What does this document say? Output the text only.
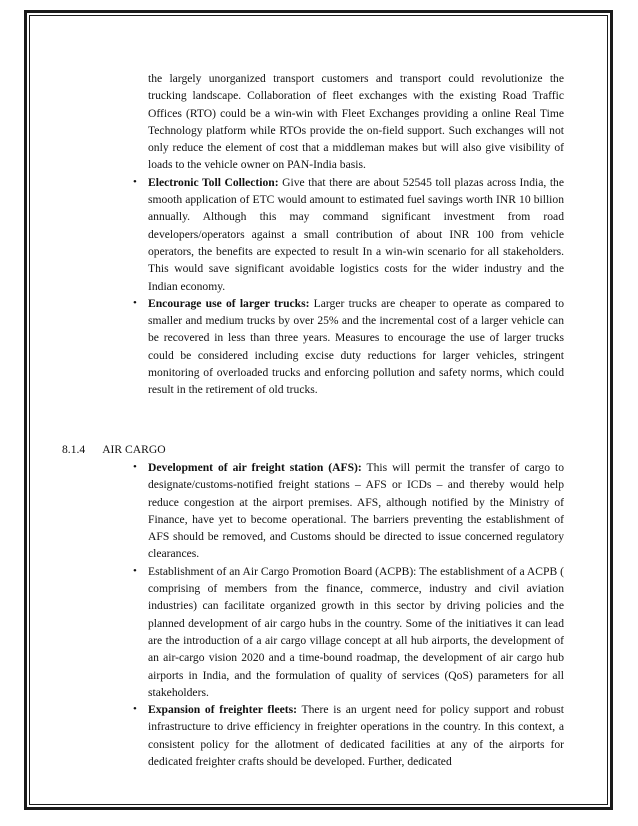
the largely unorganized transport customers and transport could revolutionize the trucking landscape. Collaboration of fleet exchanges with the existing Road Traffic Offices (RTO) could be a win-win with Fleet Exchanges providing a online Real Time Technology platform while RTOs provide the on-field support. Such exchanges will not only reduce the element of cost that a middleman makes but will also give visibility of loads to the vehicle owner on PAN-India basis.

• Electronic Toll Collection: Give that there are about 52545 toll plazas across India, the smooth application of ETC would amount to estimated fuel savings worth INR 10 billion annually. Although this may command significant investment from road developers/operators against a small contribution of about INR 100 from vehicle operators, the benefits are expected to result In a win-win scenario for all stakeholders. This would save significant avoidable logistics costs for the wider industry and the Indian economy.
• Encourage use of larger trucks: Larger trucks are cheaper to operate as compared to smaller and medium trucks by over 25% and the incremental cost of a larger vehicle can be recovered in less than three years. Measures to encourage the use of larger trucks could be considered including excise duty reductions for larger vehicles, stringent monitoring of overloaded trucks and enforcing pollution and safety norms, which could result in the retirement of old trucks.
8.1.4 AIR CARGO
• Development of air freight station (AFS): This will permit the transfer of cargo to designate/customs-notified freight stations – AFS or ICDs – and thereby would help reduce congestion at the airport premises. AFS, although notified by the Ministry of Finance, have yet to become operational. The barriers preventing the establishment of AFS should be removed, and Customs should be directed to issue concerned regulatory clearances.
• Establishment of an Air Cargo Promotion Board (ACPB): The establishment of a ACPB ( comprising of members from the finance, commerce, industry and civil aviation industries) can facilitate organized growth in this sector by driving policies and the planned development of air cargo hubs in the country. Some of the initiatives it can lead are the introduction of a air cargo village concept at all hub airports, the development of an air-cargo vision 2020 and a time-bound roadmap, the development of air cargo hub airports in India, and the formulation of quality of services (QoS) parameters for all stakeholders.
• Expansion of freighter fleets: There is an urgent need for policy support and robust infrastructure to drive efficiency in freighter operations in the country. In this context, a consistent policy for the allotment of dedicated facilities at any of the airports for dedicated freighter crafts should be developed. Further, dedicated
